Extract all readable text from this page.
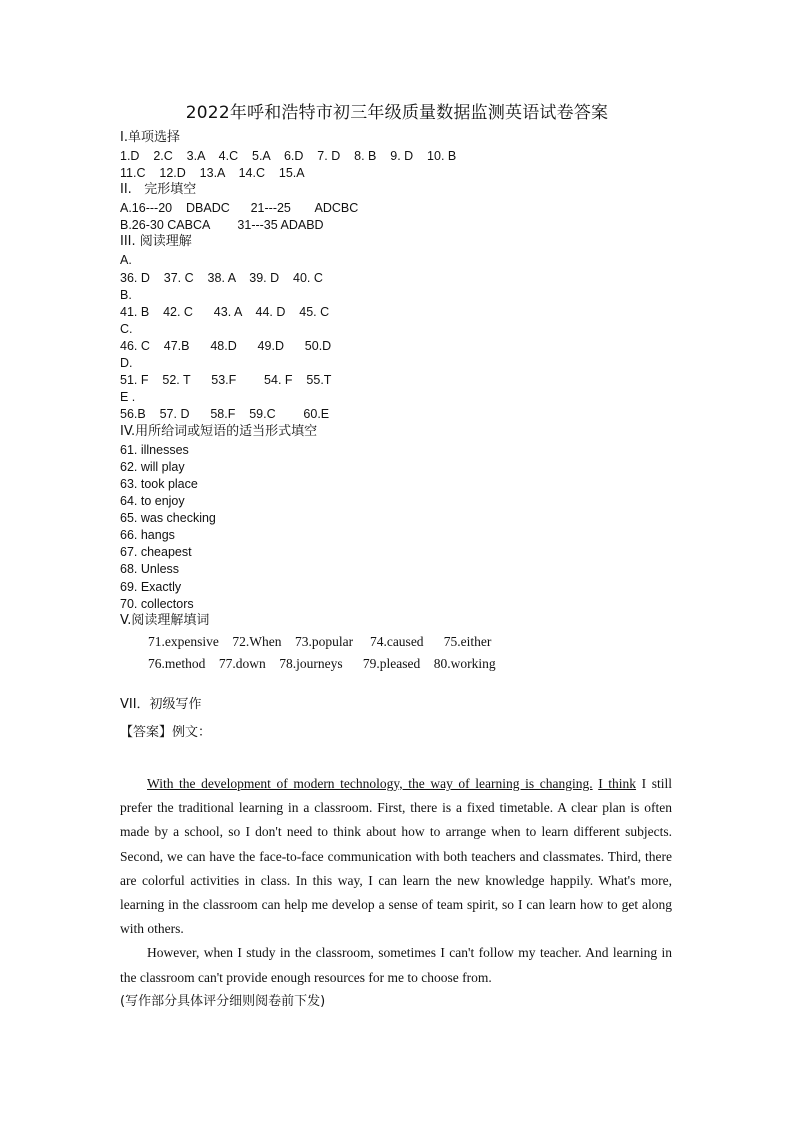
2022年呼和浩特市初三年级质量数据监测英语试卷答案
I.单项选择
1.D    2.C    3.A    4.C    5.A    6.D    7. D    8. B    9. D    10. B
11.C    12.D    13.A    14.C    15.A
II.   完形填空
A.16---20    DBADC      21---25       ADCBC
B.26-30 CABCA        31---35 ADABD
III. 阅读理解
A.
36. D    37. C    38. A    39. D    40. C
B.
41. B    42. C      43. A    44. D    45. C
C.
46. C    47.B      48.D      49.D      50.D
D.
51. F    52. T      53.F        54. F    55.T
E .
56.B    57. D      58.F    59.C        60.E
IV.用所给词或短语的适当形式填空
61. illnesses
62. will play
63. took place
64. to enjoy
65. was checking
66. hangs
67. cheapest
68. Unless
69. Exactly
70. collectors
V.阅读理解填词
71.expensive    72.When    73.popular     74.caused      75.either
76.method    77.down    78.journeys      79.pleased    80.working
VII．初级写作
【答案】例文：

With the development of modern technology, the way of learning is changing. I think I still prefer the traditional learning in a classroom. First, there is a fixed timetable. A clear plan is often made by a school, so I don't need to think about how to arrange when to learn different subjects. Second, we can have the face-to-face communication with both teachers and classmates. Third, there are colorful activities in class. In this way, I can learn the new knowledge happily. What's more, learning in the classroom can help me develop a sense of team spirit, so I can learn how to get along with others.

However, when I study in the classroom, sometimes I can't follow my teacher. And learning in the classroom can't provide enough resources for me to choose from.

(写作部分具体评分细则阅卷前下发)
